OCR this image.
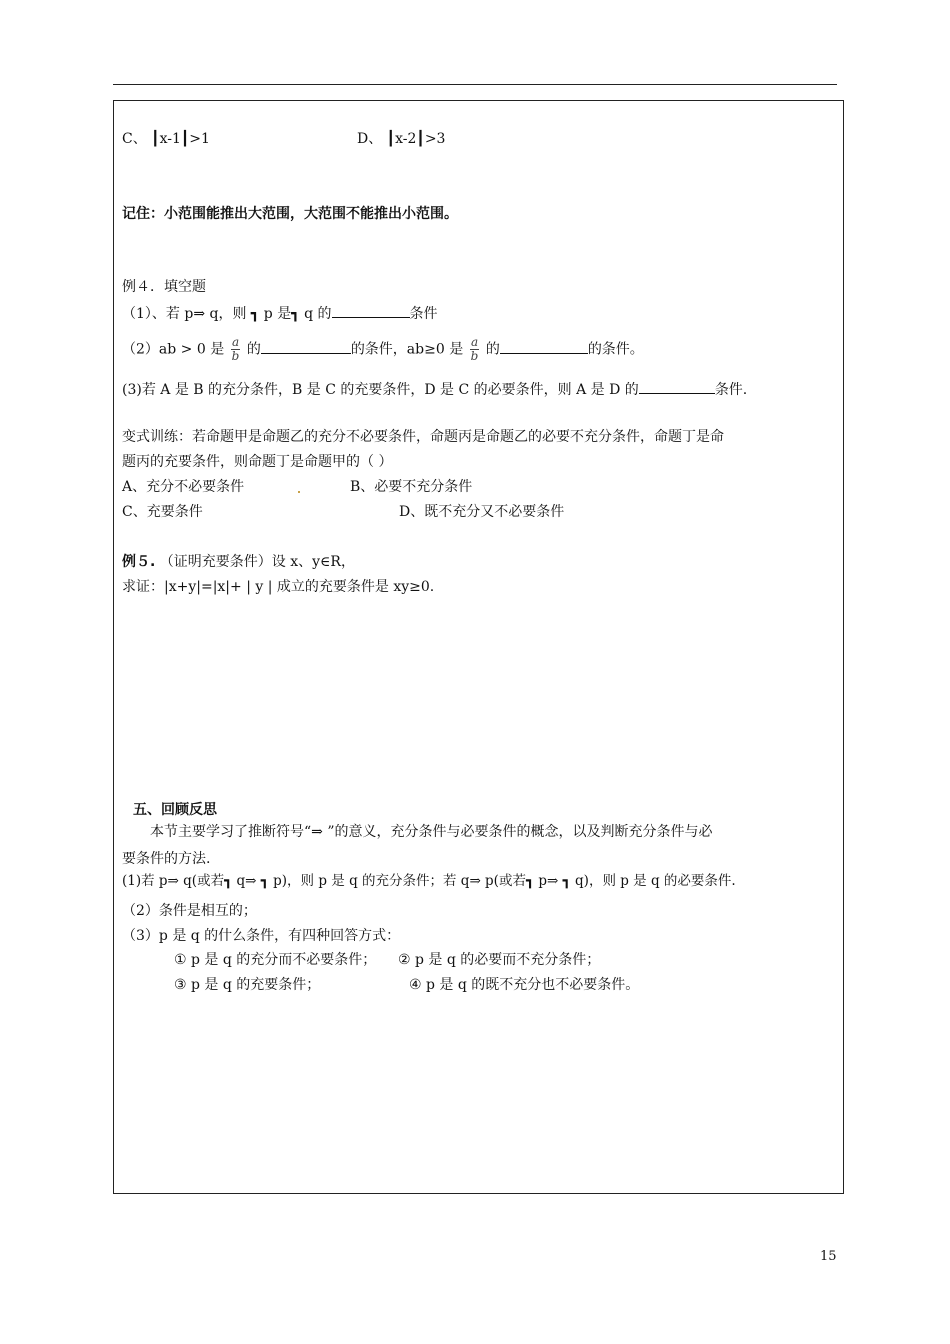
C、 ┃x-1┃>1	D、 ┃x-2┃>3
记住：小范围能推出大范围，大范围不能推出小范围。
例４．填空题
（1）、若 p⇒ q，则 ┓ p 是┓ q 的	条件
（2）ab > 0 是 $\frac{a}{b}$ 的	的条件，ab≥0 是 $\frac{a}{b}$ 的	的条件。
(3)若 A 是 B 的充分条件，B 是 C 的充要条件，D 是 C 的必要条件，则 A 是 D 的	条件.
变式训练：若命题甲是命题乙的充分不必要条件，命题丙是命题乙的必要不充分条件，命题丁是命
题丙的充要条件，则命题丁是命题甲的（ ）
A、充分不必要条件	B、必要不充分条件
C、充要条件	D、既不充分又不必要条件
例５. （证明充要条件）设 x、y∈R，
求证：|x+y|=|x|+ | y | 成立的充要条件是 xy≥0.
五、回顾反思
本节主要学习了推断符号“⇒ ”的意义，充分条件与必要条件的概念，以及判断充分条件与必
要条件的方法.
(1)若 p⇒ q(或若┓ q⇒ ┓ p)，则 p 是 q 的充分条件；若 q⇒ p(或若┓ p⇒ ┓ q)，则 p 是 q 的必要条件.
（2）条件是相互的；
（3）p 是 q 的什么条件，有四种回答方式：
① p 是 q 的充分而不必要条件； ② p 是 q 的必要而不充分条件；
③ p 是 q 的充要条件；	④ p 是 q 的既不充分也不必要条件。
15
